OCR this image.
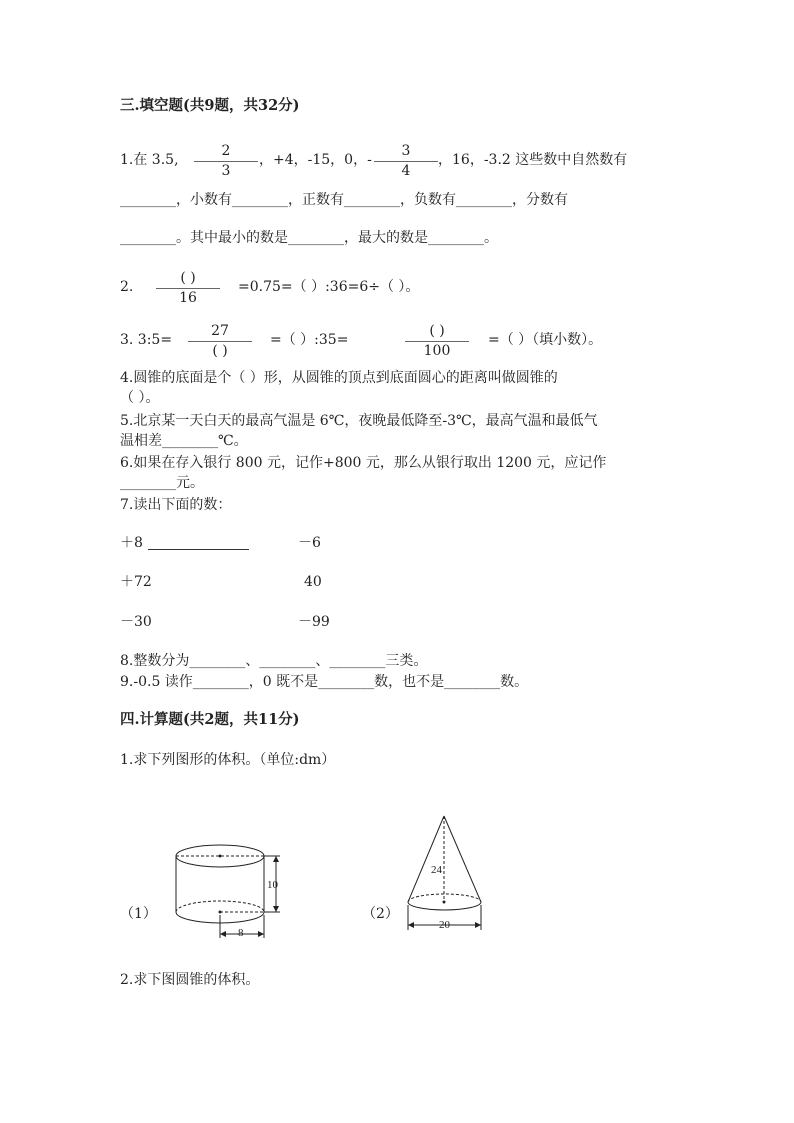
三.填空题(共9题，共32分)
1.在 3.5,
2
3
，+4，-15，0，-
3
4
，16，-3.2 这些数中自然数有
________，小数有________，正数有________，负数有________，分数有
________。其中最小的数是________，最大的数是________。
2.
( )
16
=0.75=（ ）:36=6÷（ ）。
3. 3:5=
27
( )
=（ ）:35=
( )
100
=（ ）（填小数）。
4.圆锥的底面是个（ ）形，从圆锥的顶点到底面圆心的距离叫做圆锥的
（ ）。
5.北京某一天白天的最高气温是 6℃，夜晚最低降至-3℃，最高气温和最低气
温相差________℃。
6.如果在存入银行 800 元，记作+800 元，那么从银行取出 1200 元，应记作
________元。
7.读出下面的数：
＋8	－6
＋72	40
－30	－99
8.整数分为________、________、________三类。
9.-0.5 读作________，0 既不是________数，也不是________数。
四.计算题(共2题，共11分)
1.求下列图形的体积。（单位:dm）
（1）
10
8
（2）
24
20
2.求下图圆锥的体积。
